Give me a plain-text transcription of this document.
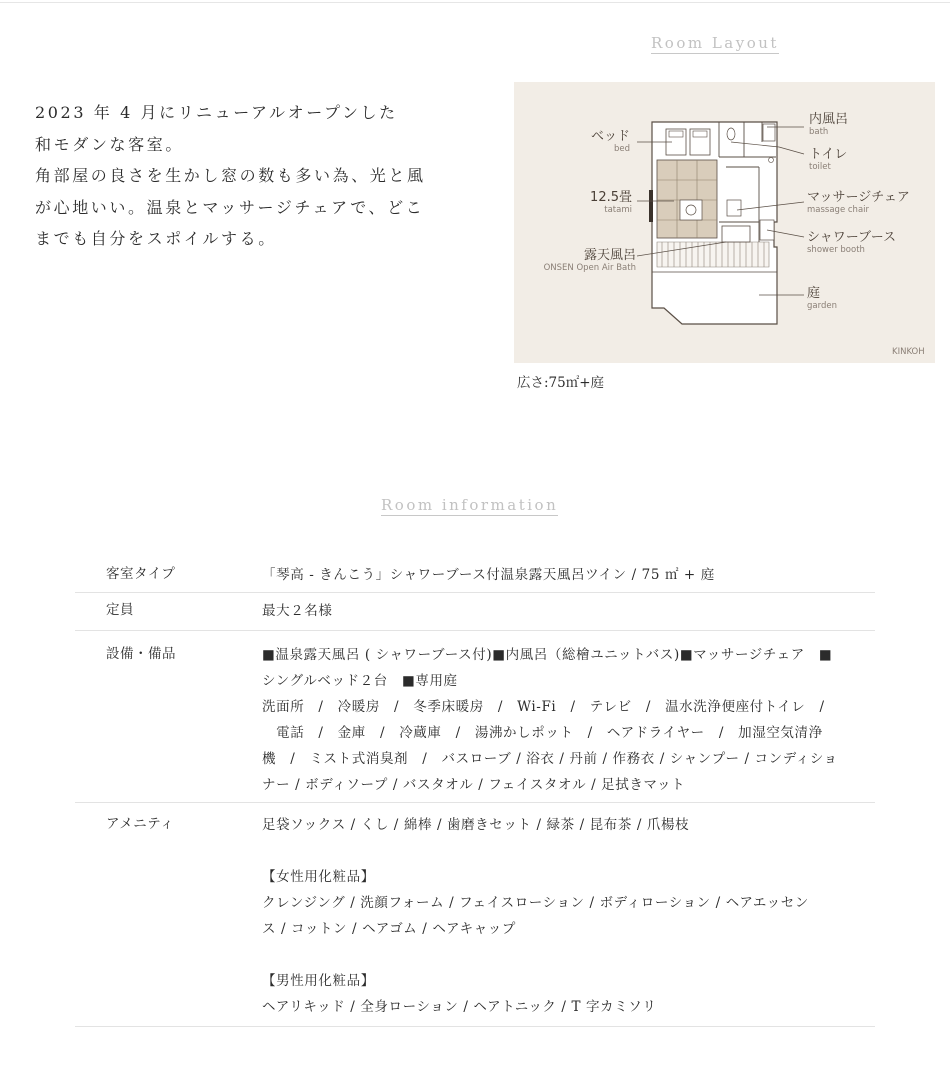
Room Layout

2023 年 4 月にリニューアルオープンした

和モダンな客室。

角部屋の良さを生かし窓の数も多い為、光と風

が心地いい。温泉とマッサージチェアで、どこ

までも自分をスポイルする。

内風呂
bath
ベッド
bed	トイレ
toilet
12.5畳
tatami
マッサージチェア
massage chair
シャワーブース
shower booth
露天風呂
ONSEN Open Air Bath
庭
garden
KINKOH
広さ:75㎡+庭
Room information
客室タイプ	「琴高 - きんこう」シャワーブース付温泉露天風呂ツイン / 75 ㎡ + 庭

定員	最大２名様

設備・備品	■温泉露天風呂 ( シャワーブース付)■内風呂（総檜ユニットバス)■マッサージチェア　■

シングルベッド２台　■専用庭

洗面所　/　冷暖房　/　冬季床暖房　/　Wi-Fi　/　テレビ　/　温水洗浄便座付トイレ　/

　電話　/　金庫　/　冷蔵庫　/　湯沸かしポット　/　ヘアドライヤー　/　加湿空気清浄

機　/　ミスト式消臭剤　/　バスローブ / 浴衣 / 丹前 / 作務衣 / シャンプー / コンディショ

ナー / ボディソープ / バスタオル / フェイスタオル / 足拭きマット

アメニティ	足袋ソックス / くし / 綿棒 / 歯磨きセット / 緑茶 / 昆布茶 / 爪楊枝

【女性用化粧品】

クレンジング / 洗顔フォーム / フェイスローション / ボディローション / ヘアエッセン

ス / コットン / ヘアゴム / ヘアキャップ

【男性用化粧品】

ヘアリキッド / 全身ローション / ヘアトニック / T 字カミソリ
